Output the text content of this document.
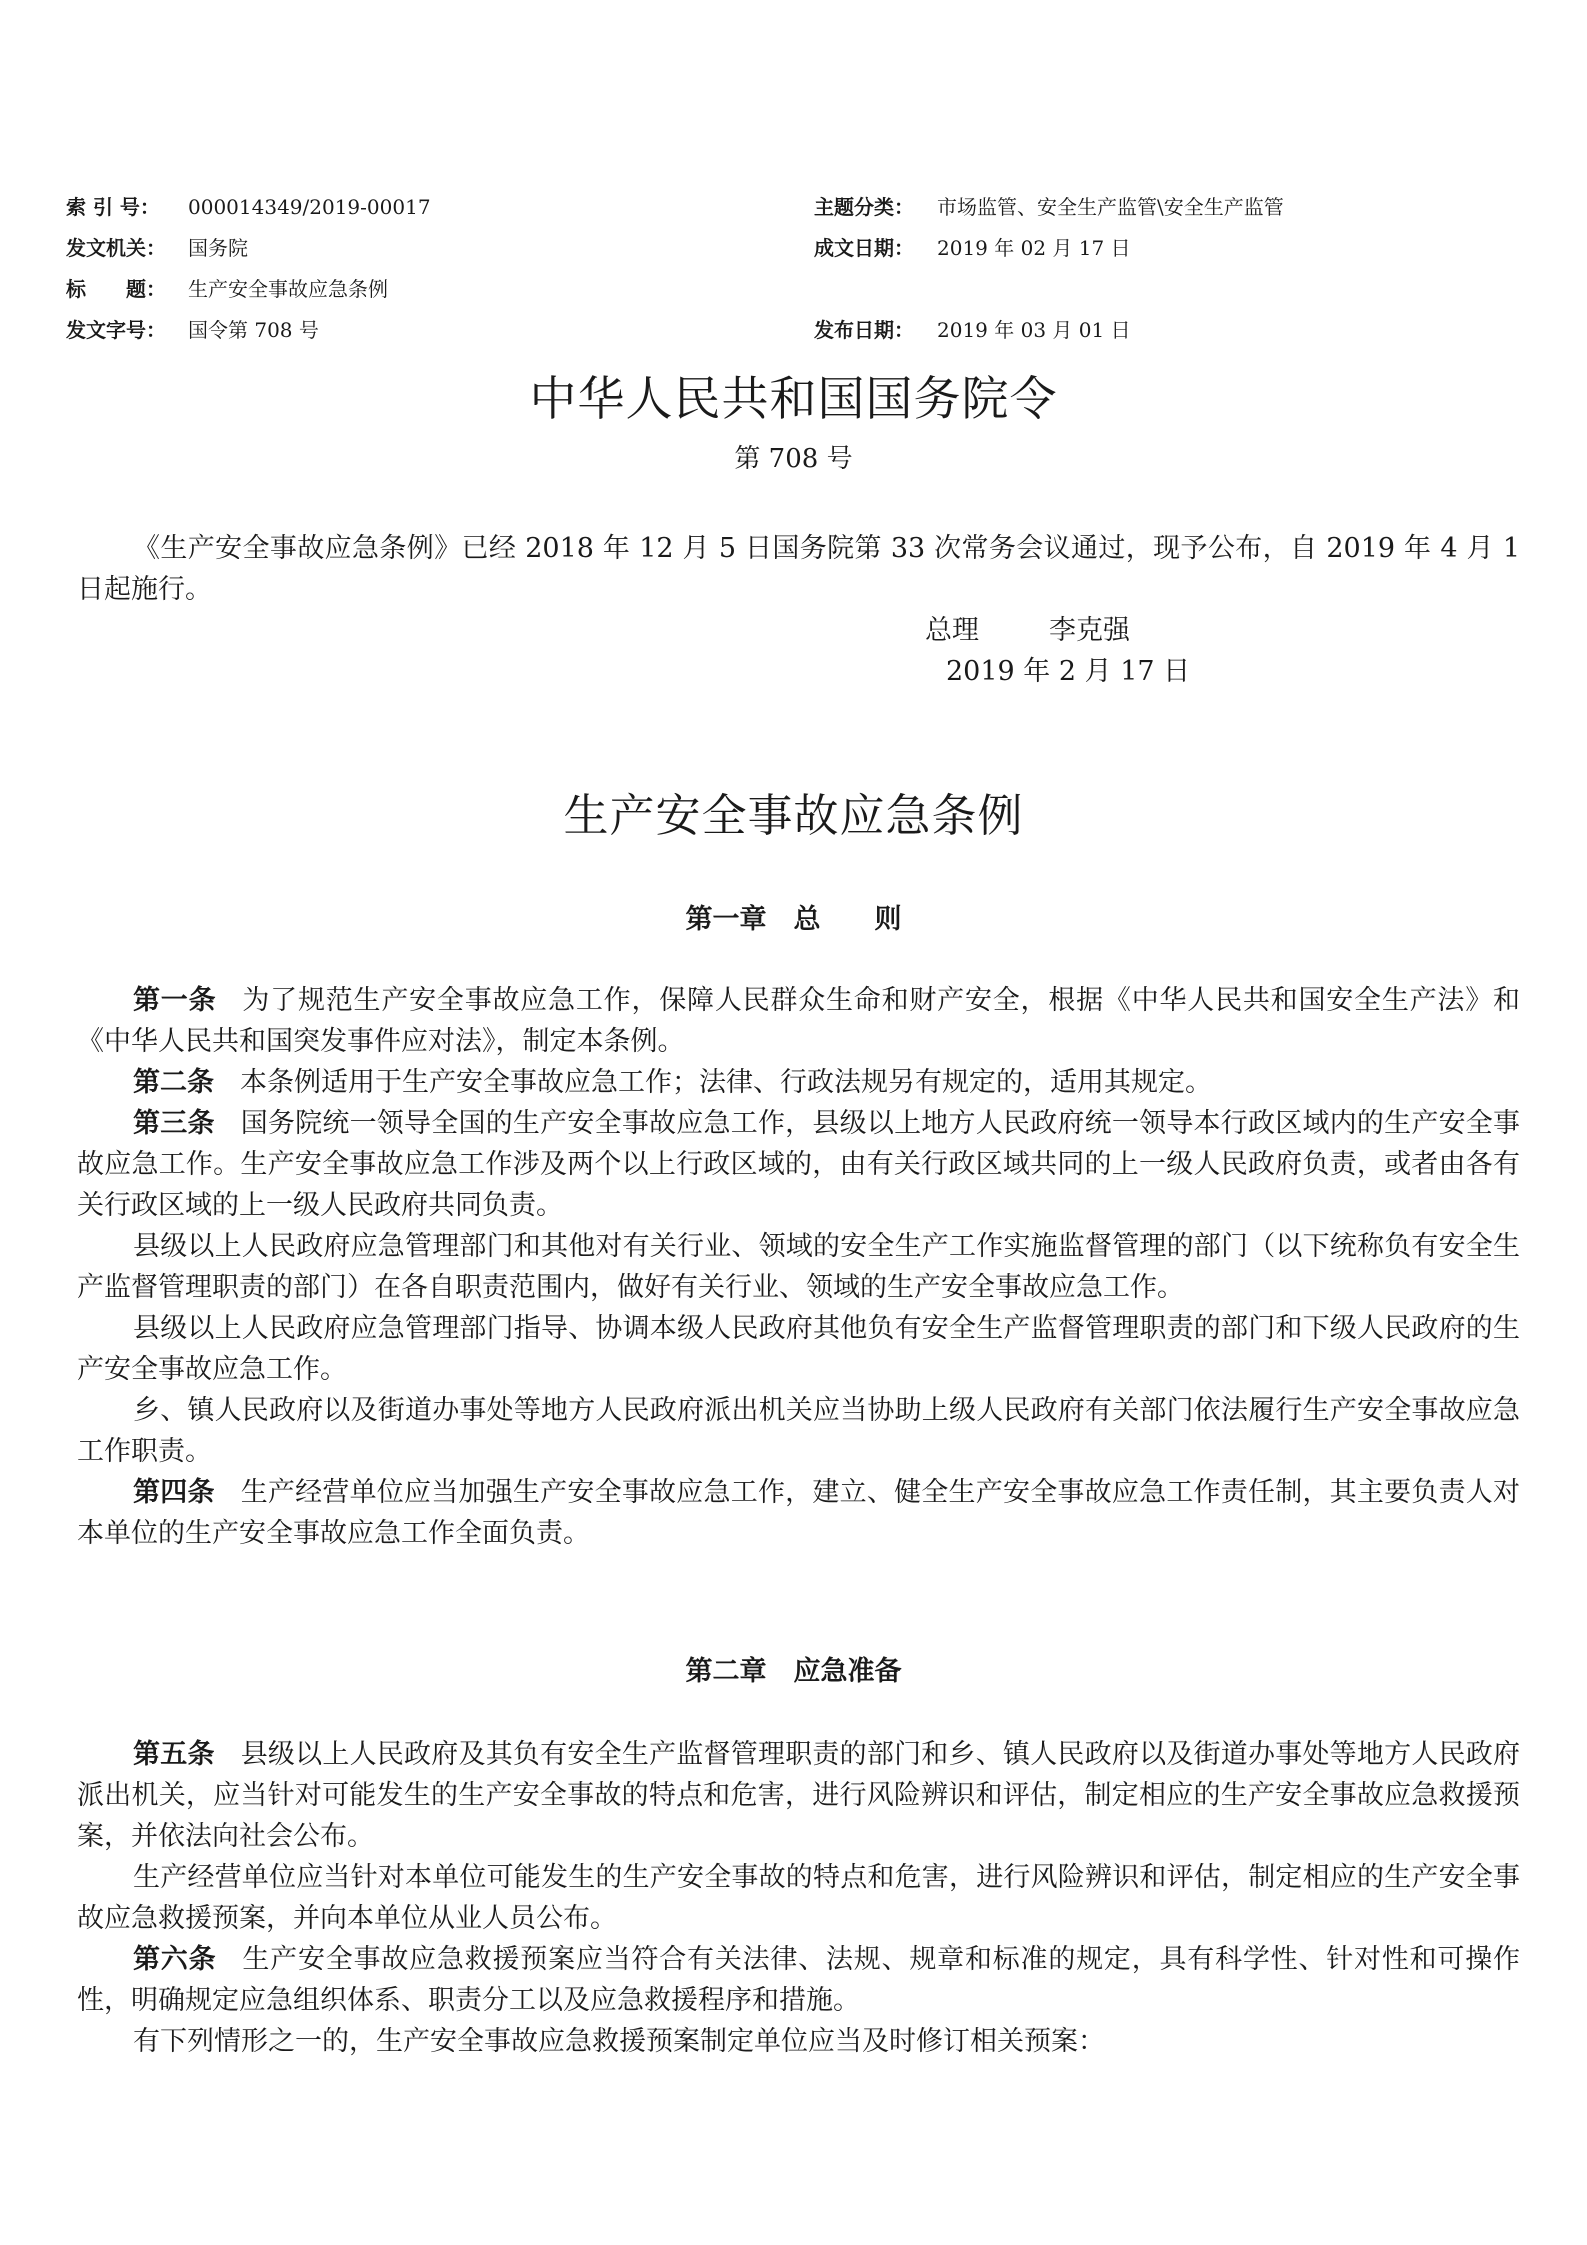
索 引 号： 000014349/2019-00017	主题分类： 市场监管、安全生产监管\安全生产监管
发文机关： 国务院	成文日期： 2019 年 02 月 17 日
标　　题： 生产安全事故应急条例
发文字号： 国令第 708 号	发布日期： 2019 年 03 月 01 日
中华人民共和国国务院令
第 708 号

《生产安全事故应急条例》已经 2018 年 12 月 5 日国务院第 33 次常务会议通过，现予公布，自 2019 年 4 月 1 日起施行。

总理	李克强
2019 年 2 月 17 日
生产安全事故应急条例
第一章　总　　则

第一条 为了规范生产安全事故应急工作，保障人民群众生命和财产安全，根据《中华人民共和国安全生产法》和《中华人民共和国突发事件应对法》，制定本条例。

第二条 本条例适用于生产安全事故应急工作；法律、行政法规另有规定的，适用其规定。

第三条 国务院统一领导全国的生产安全事故应急工作，县级以上地方人民政府统一领导本行政区域内的生产安全事故应急工作。生产安全事故应急工作涉及两个以上行政区域的，由有关行政区域共同的上一级人民政府负责，或者由各有关行政区域的上一级人民政府共同负责。

县级以上人民政府应急管理部门和其他对有关行业、领域的安全生产工作实施监督管理的部门（以下统称负有安全生产监督管理职责的部门）在各自职责范围内，做好有关行业、领域的生产安全事故应急工作。

县级以上人民政府应急管理部门指导、协调本级人民政府其他负有安全生产监督管理职责的部门和下级人民政府的生产安全事故应急工作。

乡、镇人民政府以及街道办事处等地方人民政府派出机关应当协助上级人民政府有关部门依法履行生产安全事故应急工作职责。

第四条 生产经营单位应当加强生产安全事故应急工作，建立、健全生产安全事故应急工作责任制，其主要负责人对本单位的生产安全事故应急工作全面负责。

第二章　应急准备

第五条 县级以上人民政府及其负有安全生产监督管理职责的部门和乡、镇人民政府以及街道办事处等地方人民政府派出机关，应当针对可能发生的生产安全事故的特点和危害，进行风险辨识和评估，制定相应的生产安全事故应急救援预案，并依法向社会公布。

生产经营单位应当针对本单位可能发生的生产安全事故的特点和危害，进行风险辨识和评估，制定相应的生产安全事故应急救援预案，并向本单位从业人员公布。

第六条 生产安全事故应急救援预案应当符合有关法律、法规、规章和标准的规定，具有科学性、针对性和可操作性，明确规定应急组织体系、职责分工以及应急救援程序和措施。

有下列情形之一的，生产安全事故应急救援预案制定单位应当及时修订相关预案：
